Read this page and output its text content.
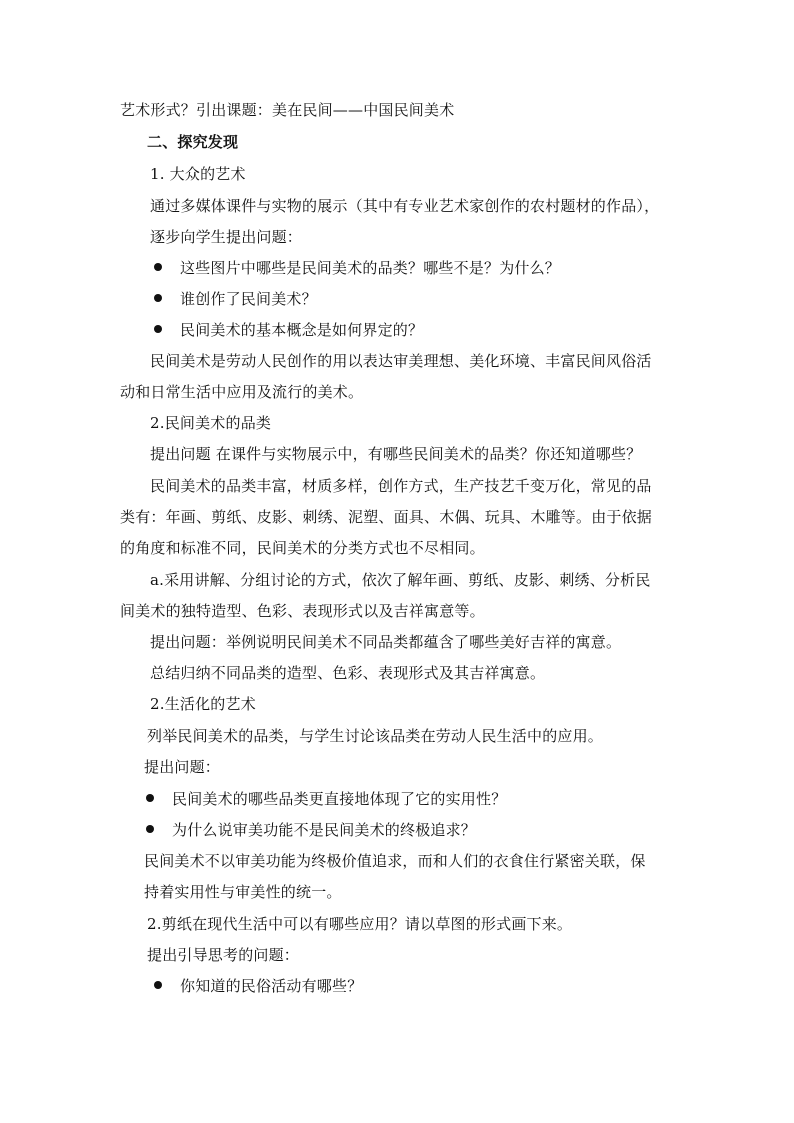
艺术形式？引出课题：美在民间——中国民间美术
二、探究发现
1. 大众的艺术
通过多媒体课件与实物的展示（其中有专业艺术家创作的农村题材的作品），
逐步向学生提出问题：
这些图片中哪些是民间美术的品类？哪些不是？为什么？
谁创作了民间美术？
民间美术的基本概念是如何界定的？
民间美术是劳动人民创作的用以表达审美理想、美化环境、丰富民间风俗活
动和日常生活中应用及流行的美术。
2.民间美术的品类
提出问题 在课件与实物展示中，有哪些民间美术的品类？你还知道哪些？
民间美术的品类丰富，材质多样，创作方式，生产技艺千变万化，常见的品
类有：年画、剪纸、皮影、刺绣、泥塑、面具、木偶、玩具、木雕等。由于依据
的角度和标准不同，民间美术的分类方式也不尽相同。
a.采用讲解、分组讨论的方式，依次了解年画、剪纸、皮影、刺绣、分析民
间美术的独特造型、色彩、表现形式以及吉祥寓意等。
提出问题：举例说明民间美术不同品类都蕴含了哪些美好吉祥的寓意。
总结归纳不同品类的造型、色彩、表现形式及其吉祥寓意。
2.生活化的艺术
列举民间美术的品类，与学生讨论该品类在劳动人民生活中的应用。
提出问题：
民间美术的哪些品类更直接地体现了它的实用性？
为什么说审美功能不是民间美术的终极追求？
民间美术不以审美功能为终极价值追求，而和人们的衣食住行紧密关联，保
持着实用性与审美性的统一。
2.剪纸在现代生活中可以有哪些应用？请以草图的形式画下来。
提出引导思考的问题：
你知道的民俗活动有哪些？
